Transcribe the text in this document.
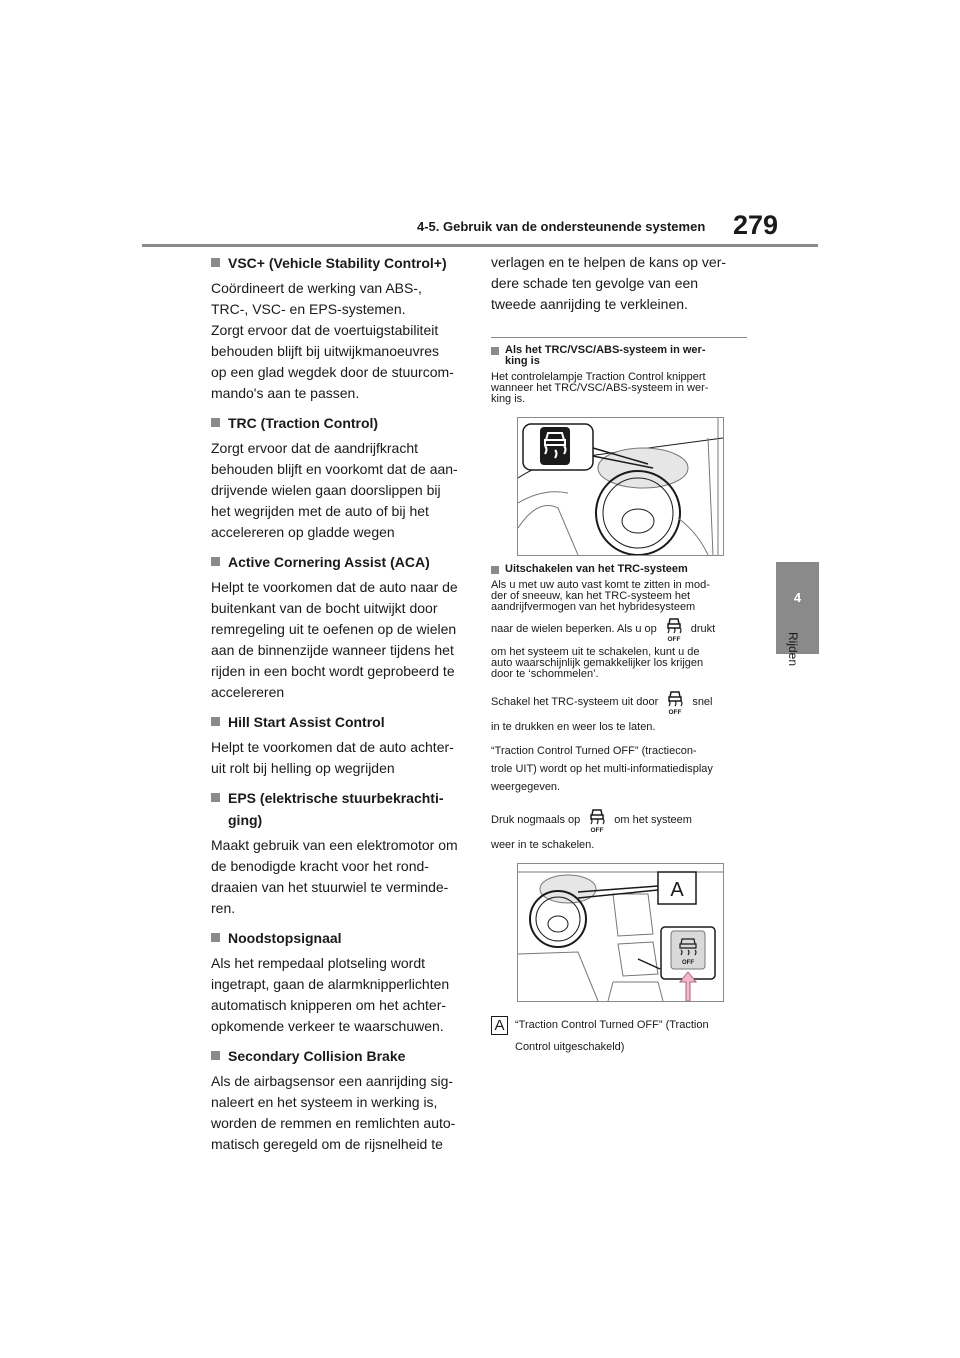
4-5. Gebruik van de ondersteunende systemen 279
4
Rijden
VSC+ (Vehicle Stability Control+)
Coördineert de werking van ABS-,
TRC-, VSC- en EPS-systemen.
Zorgt ervoor dat de voertuigstabiliteit
behouden blijft bij uitwijkmanoeuvres
op een glad wegdek door de stuurcom-
mando's aan te passen.
TRC (Traction Control)
Zorgt ervoor dat de aandrijfkracht
behouden blijft en voorkomt dat de aan-
drijvende wielen gaan doorslippen bij
het wegrijden met de auto of bij het
accelereren op gladde wegen
Active Cornering Assist (ACA)
Helpt te voorkomen dat de auto naar de
buitenkant van de bocht uitwijkt door
remregeling uit te oefenen op de wielen
aan de binnenzijde wanneer tijdens het
rijden in een bocht wordt geprobeerd te
accelereren
Hill Start Assist Control
Helpt te voorkomen dat de auto achter-
uit rolt bij helling op wegrijden
EPS (elektrische stuurbekrachti-
ging)
Maakt gebruik van een elektromotor om
de benodigde kracht voor het rond-
draaien van het stuurwiel te verminde-
ren.
Noodstopsignaal
Als het rempedaal plotseling wordt
ingetrapt, gaan de alarmknipperlichten
automatisch knipperen om het achter-
opkomende verkeer te waarschuwen.
Secondary Collision Brake
Als de airbagsensor een aanrijding sig-
naleert en het systeem in werking is,
worden de remmen en remlichten auto-
matisch geregeld om de rijsnelheid te
verlagen en te helpen de kans op ver-
dere schade ten gevolge van een
tweede aanrijding te verkleinen.
Als het TRC/VSC/ABS-systeem in wer-
king is
Het controlelampje Traction Control knippert
wanneer het TRC/VSC/ABS-systeem in wer-
king is.
Uitschakelen van het TRC-systeem
Als u met uw auto vast komt te zitten in mod-
der of sneeuw, kan het TRC-systeem het
aandrijfvermogen van het hybridesysteem
naar de wielen beperken. Als u op
OFF
drukt
om het systeem uit te schakelen, kunt u de
auto waarschijnlijk gemakkelijker los krijgen
door te ‘schommelen’.
Schakel het TRC-systeem uit door
OFF
snel
in te drukken en weer los te laten.
“Traction Control Turned OFF” (tractiecon-
trole UIT) wordt op het multi-informatiedisplay
weergegeven.
Druk nogmaals op
OFF
om het systeem
weer in te schakelen.
A
OFF
A “Traction Control Turned OFF” (Traction
Control uitgeschakeld)
